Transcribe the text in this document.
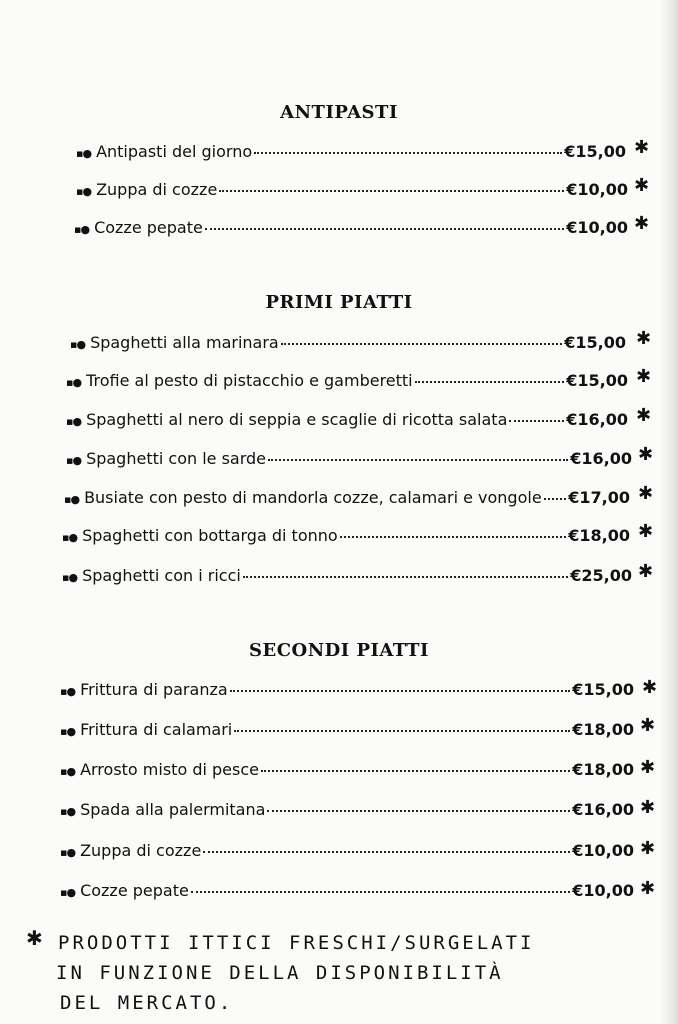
ANTIPASTI
▪● Antipasti del giorno	€15,00 ✱
▪● Zuppa di cozze	€10,00 ✱
▪● Cozze pepate	€10,00 ✱
PRIMI PIATTI
▪● Spaghetti alla marinara	€15,00 ✱
▪● Trofie al pesto di pistacchio e gamberetti	€15,00 ✱
▪● Spaghetti al nero di seppia e scaglie di ricotta salata	€16,00 ✱
▪● Spaghetti con le sarde	€16,00 ✱
▪● Busiate con pesto di mandorla cozze, calamari e vongole €17,00 ✱
▪● Spaghetti con bottarga di tonno	€18,00 ✱
▪● Spaghetti con i ricci	€25,00 ✱
SECONDI PIATTI
▪● Frittura di paranza	€15,00 ✱
▪● Frittura di calamari	€18,00 ✱
▪● Arrosto misto di pesce	€18,00 ✱
▪● Spada alla palermitana	€16,00 ✱
▪● Zuppa di cozze	€10,00 ✱
▪● Cozze pepate	€10,00 ✱
✱ PRODOTTI ITTICI FRESCHI/SURGELATI

IN FUNZIONE DELLA DISPONIBILITÀ

DEL MERCATO.
